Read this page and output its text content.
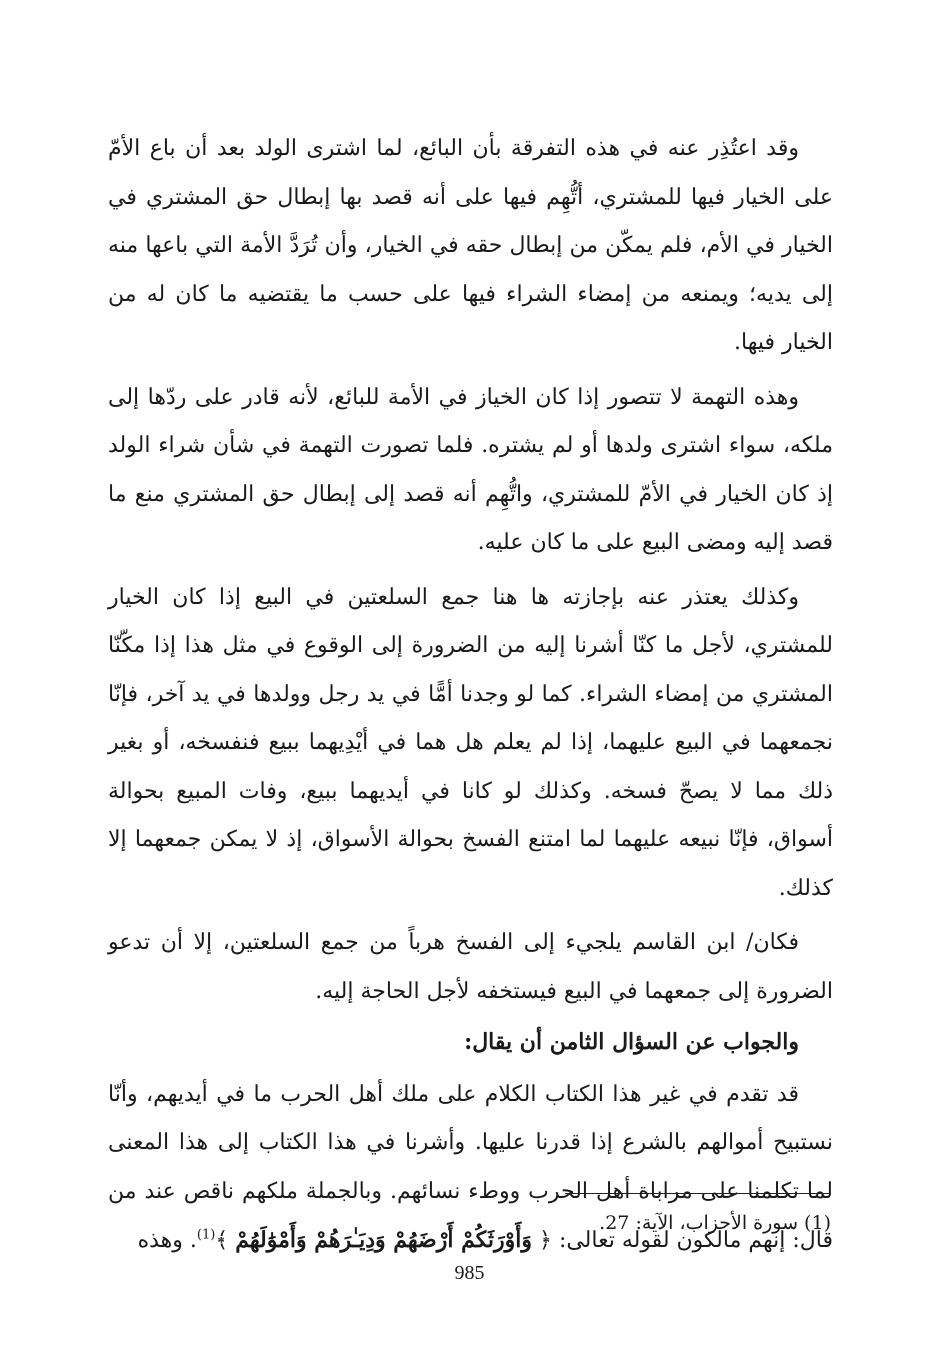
وقد اعتُذِر عنه في هذه التفرقة بأن البائع، لما اشترى الولد بعد أن باع الأمّ على الخيار فيها للمشتري، أتُّهِم فيها على أنه قصد بها إبطال حق المشتري في الخيار في الأم، فلم يمكّن من إبطال حقه في الخيار، وأن تُرَدَّ الأمة التي باعها منه إلى يديه؛ ويمنعه من إمضاء الشراء فيها على حسب ما يقتضيه ما كان له من الخيار فيها.

وهذه التهمة لا تتصور إذا كان الخياز في الأمة للبائع، لأنه قادر على ردّها إلى ملكه، سواء اشترى ولدها أو لم يشتره. فلما تصورت التهمة في شأن شراء الولد إذ كان الخيار في الأمّ للمشتري، واتُّهِم أنه قصد إلى إبطال حق المشتري منع ما قصد إليه ومضى البيع على ما كان عليه.

وكذلك يعتذر عنه بإجازته ها هنا جمع السلعتين في البيع إذا كان الخيار للمشتري، لأجل ما كنّا أشرنا إليه من الضرورة إلى الوقوع في مثل هذا إذا مكّنّا المشتري من إمضاء الشراء. كما لو وجدنا أمًّا في يد رجل وولدها في يد آخر، فإنّا نجمعهما في البيع عليهما، إذا لم يعلم هل هما في أيْدِيهما ببيع فنفسخه، أو بغير ذلك مما لا يصحّ فسخه. وكذلك لو كانا في أيديهما ببيع، وفات المبيع بحوالة أسواق، فإنّا نبيعه عليهما لما امتنع الفسخ بحوالة الأسواق، إذ لا يمكن جمعهما إلا كذلك.

فكان/ ابن القاسم يلجيء إلى الفسخ هرباً من جمع السلعتين، إلا أن تدعو الضرورة إلى جمعهما في البيع فيستخفه لأجل الحاجة إليه.

والجواب عن السؤال الثامن أن يقال:

قد تقدم في غير هذا الكتاب الكلام على ملك أهل الحرب ما في أيديهم، وأنّا نستبيح أموالهم بالشرع إذا قدرنا عليها. وأشرنا في هذا الكتاب إلى هذا المعنى لما تكلمنا على مراباة أهل الحرب ووطء نسائهم. وبالجملة ملكهم ناقص عند من قال: إنهم مالكون لقوله تعالى: ﴿ وَأَوْرَثَكُمْ أَرْضَهُمْ وَدِيَـٰرَهُمْ وَأَمْوَٰلَهُمْ ﴾$^{(1)}$. وهذه

(1) سورة الأحزاب، الآية: 27.
985
